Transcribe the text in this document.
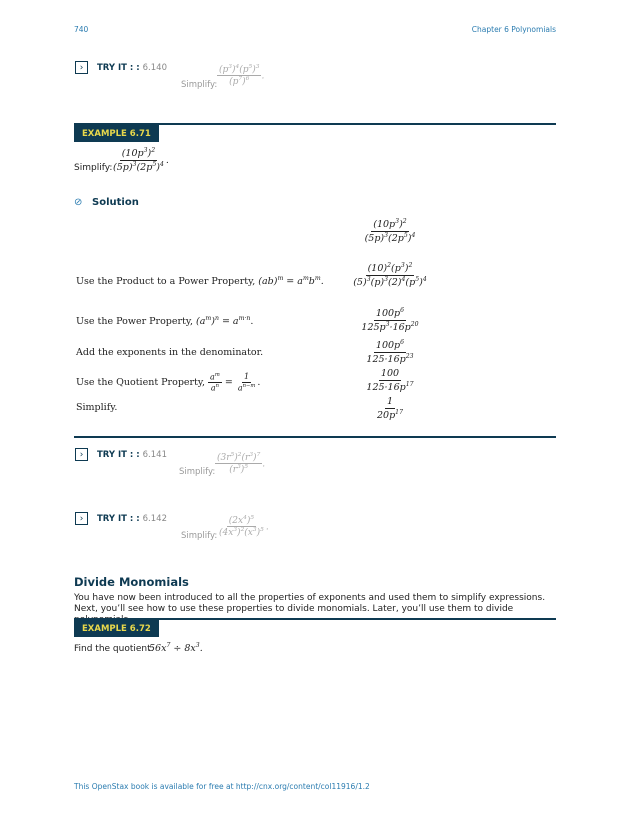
740	Chapter 6 Polynomials
› TRY IT : : 6.140
Simplify: $\frac{(p^3)^4(p^5)^3}{(p^7)^6}$ .
EXAMPLE 6.71
Simplify:
$\frac{(10p^3)^2}{(5p)^3(2p^5)^4}$ .
⊘ Solution
$\frac{(10p^3)^2}{(5p)^3(2p^5)^4}$
Use the Product to a Power Property, $(ab)^m = a^mb^m$.	$\frac{(10)^2(p^3)^2}{(5)^3(p)^3(2)^4(p^5)^4}$
Use the Power Property, $(a^m)^n = a^{m\cdot n}$.	$\frac{100p^6}{125p^3\cdot 16p^{20}}$
Add the exponents in the denominator.	$\frac{100p^6}{125\cdot 16p^{23}}$
Use the Quotient Property, $\frac{a^m}{a^n} = \frac{1}{a^{n-m}}$ .	$\frac{100}{125\cdot 16p^{17}}$
Simplify.	$\frac{1}{20p^{17}}$
› TRY IT : : 6.141
Simplify: $\frac{(3r^5)^2(r^3)^7}{(r^3)^5}$ .
› TRY IT : : 6.142
Simplify: $\frac{(2x^4)^5}{(4x^3)^2(x^3)^5}$ .
Divide Monomials
You have now been introduced to all the properties of exponents and used them to simplify expressions. Next, you’ll see how to use these properties to divide monomials. Later, you’ll use them to divide
EXAMPLE 6.72
Find the quotient:
$56x^7 \div 8x^3$.
This OpenStax book is available for free at http://cnx.org/content/col11916/1.2
